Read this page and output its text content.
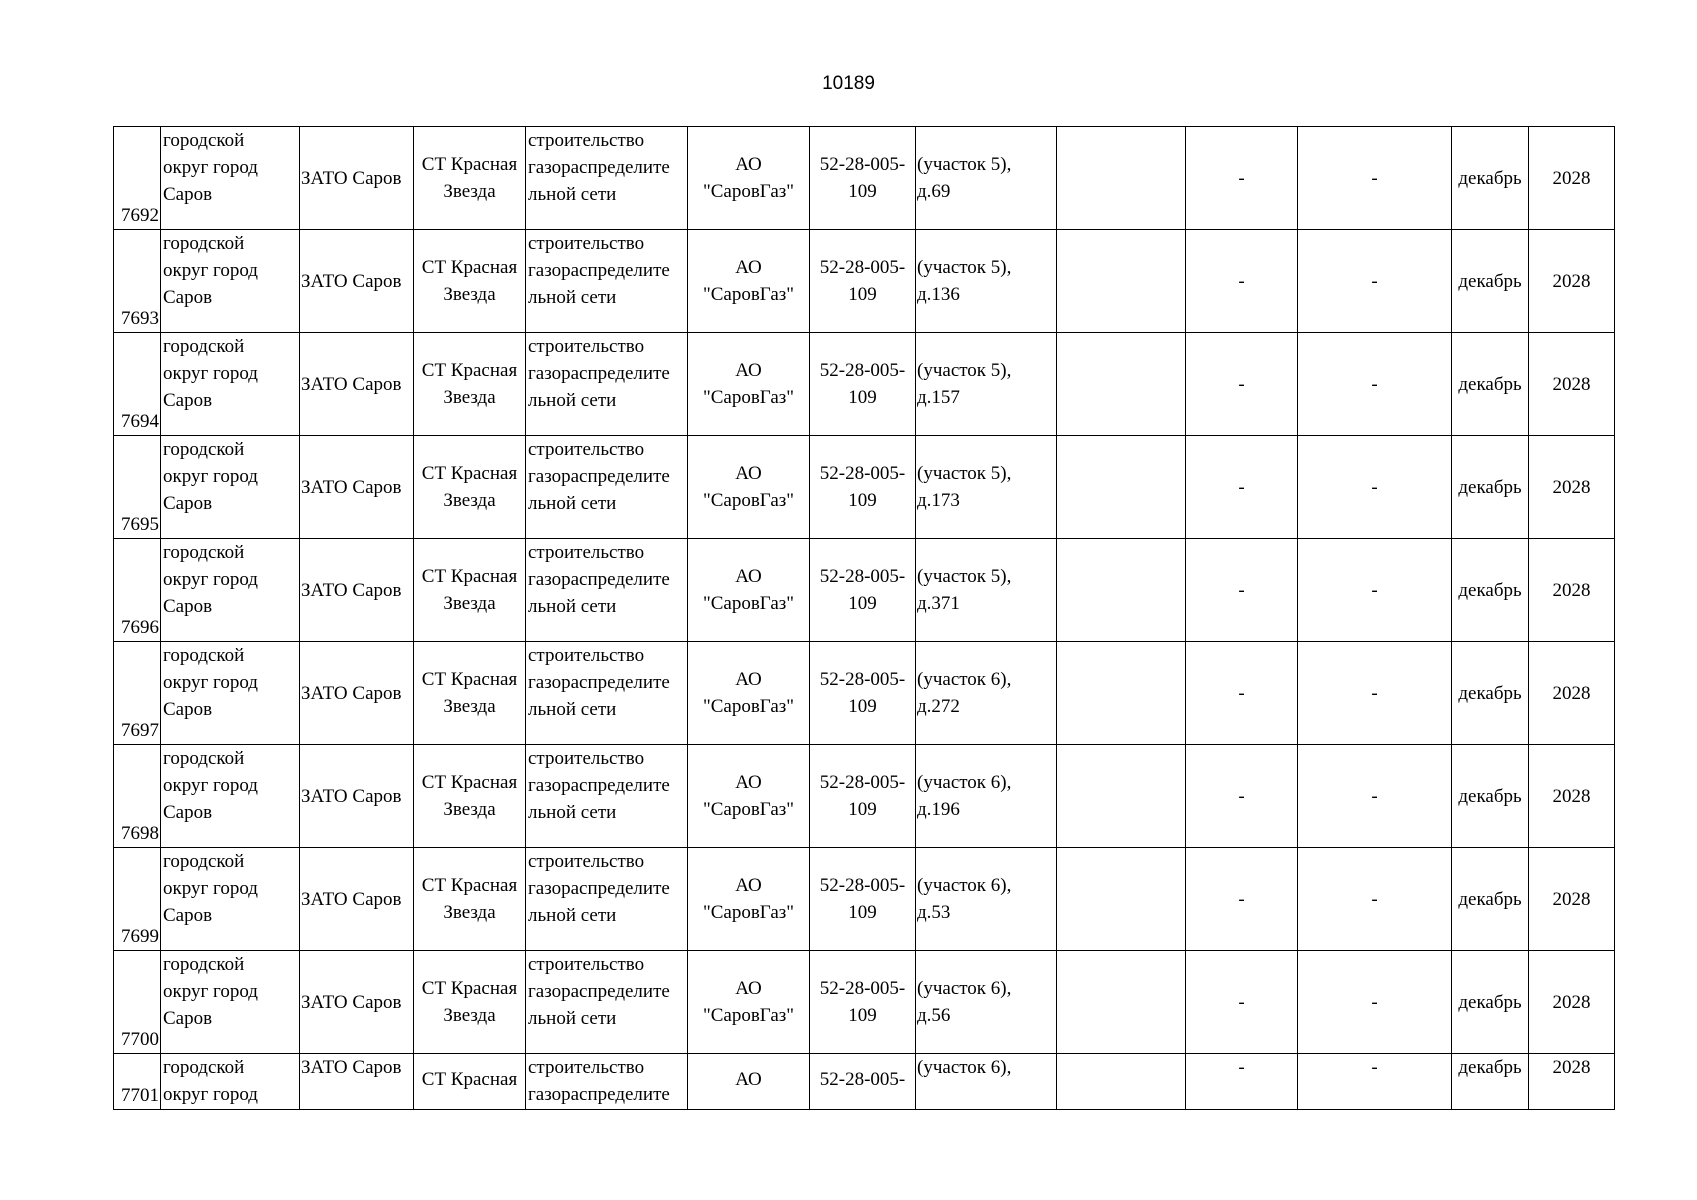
10189
7692	городской
округ город
Саров	ЗАТО Саров	СТ Красная
Звезда	строительство
газораспределите
льной сети	АО
"СаровГаз"	52-28-005-
109	(участок 5),
д.69		-	-	декабрь	2028
7693	городской
округ город
Саров	ЗАТО Саров	СТ Красная
Звезда	строительство
газораспределите
льной сети	АО
"СаровГаз"	52-28-005-
109	(участок 5),
д.136		-	-	декабрь	2028
7694	городской
округ город
Саров	ЗАТО Саров	СТ Красная
Звезда	строительство
газораспределите
льной сети	АО
"СаровГаз"	52-28-005-
109	(участок 5),
д.157		-	-	декабрь	2028
7695	городской
округ город
Саров	ЗАТО Саров	СТ Красная
Звезда	строительство
газораспределите
льной сети	АО
"СаровГаз"	52-28-005-
109	(участок 5),
д.173		-	-	декабрь	2028
7696	городской
округ город
Саров	ЗАТО Саров	СТ Красная
Звезда	строительство
газораспределите
льной сети	АО
"СаровГаз"	52-28-005-
109	(участок 5),
д.371		-	-	декабрь	2028
7697	городской
округ город
Саров	ЗАТО Саров	СТ Красная
Звезда	строительство
газораспределите
льной сети	АО
"СаровГаз"	52-28-005-
109	(участок 6),
д.272		-	-	декабрь	2028
7698	городской
округ город
Саров	ЗАТО Саров	СТ Красная
Звезда	строительство
газораспределите
льной сети	АО
"СаровГаз"	52-28-005-
109	(участок 6),
д.196		-	-	декабрь	2028
7699	городской
округ город
Саров	ЗАТО Саров	СТ Красная
Звезда	строительство
газораспределите
льной сети	АО
"СаровГаз"	52-28-005-
109	(участок 6),
д.53		-	-	декабрь	2028
7700	городской
округ город
Саров	ЗАТО Саров	СТ Красная
Звезда	строительство
газораспределите
льной сети	АО
"СаровГаз"	52-28-005-
109	(участок 6),
д.56		-	-	декабрь	2028
7701	городской
округ город	ЗАТО Саров	СТ Красная	строительство
газораспределите	АО	52-28-005-	(участок 6),		-	-	декабрь	2028
